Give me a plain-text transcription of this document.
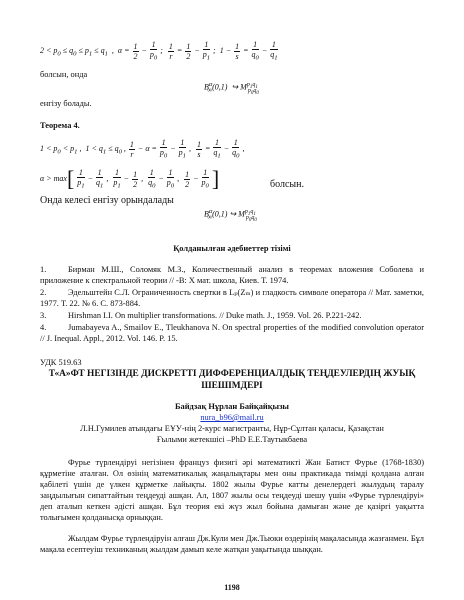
$2 < p_0 \le q_0 \le p_1 \le q_1$  ,  $\alpha = \frac{1}{2} - \frac{1}{p_0}$ ; $\frac{1}{r} = \frac{1}{2} - \frac{1}{p_1}$ ;  $1 - \frac{1}{s} = \frac{1}{q_0} - \frac{1}{q_1}$
болсын, онда
$B^\alpha_\infty(0,1)$  ↪ $M^{p_1q_1}_{p_0q_0}$
енгізу болады.
Теорема 4.
$1 < p_0 < p_1$ ,  $1 < q_1 \le q_0$ , $\frac{1}{r} - \alpha = \frac{1}{p_0} - \frac{1}{p_1}$ , $\frac{1}{s} = \frac{1}{q_1} - \frac{1}{q_0}$ ,
$\alpha > \max[ \frac{1}{p_1} - \frac{1}{q_1}$ , $\frac{1}{p_1} - \frac{1}{2}$ , $\frac{1}{q_0} - \frac{1}{p_0}$ , $\frac{1}{2} - \frac{1}{p_0}$ ]	болсын.
Онда келесі енгізу орындалады
$B^\alpha_\infty(0,1)$ ↪ $M^{p_1q_1}_{p_0q_0}$
Қолданылған әдебиеттер тізімі
1.	Бирман М.Ш., Соломяк М.З., Количественный анализ в теоремах вложения Соболева и приложение к спектральной теории // -В: Х мат. школа, Киев. Т. 1974.
2.	Эдельштейн С.Л. Ограниченность свертки в Lₚ(Zₘ) и гладкость символе оператора // Мат. заметки, 1977. Т. 22. № 6. С. 873-884.
3.	Hirshman I.I. On multiplier transformations. // Duke math. J., 1959. Vol. 26. P.221-242.
4.	Jumabayeva A., Smailov E., Tleukhanova N. On spectral properties of the modified convolution operator // J. Inequal. Appl., 2012. Vol. 146. P. 15.
УДК 519.63
Т«А»ФТ НЕГІЗІНДЕ ДИСКРЕТТІ ДИФФЕРЕНЦИАЛДЫҚ ТЕҢДЕУЛЕРДІҢ ЖУЫҚ ШЕШІМДЕРІ
Байдзақ Нұрлан Байқайқызы
nura_b96@mail.ru
Л.Н.Гумилев атындағы ЕҰУ-нің 2-курс магистранты, Нұр-Сұлтан қаласы, Қазақстан
Ғылыми жетекшісі –PhD Е.Е.Таутыкбаева
Фурье түрлендіруі негізінен француз физигі әрі математикті Жан Батист Фурье (1768-1830) құрметіне аталған. Ол өзінің математикалық жаңалықтары мен оны практикада тиімді қолдана алған қабілеті үшін де үлкен құрметке лайықты. 1802 жылы Фурье катты денелердегі жылудың таралу заңдылығын сипаттайтын теңдеуді ашқан. Ал, 1807 жылы осы теңдеуді шешу үшін «Фурье түрлендіруі» деп аталып кеткен әдісті ашқан. Бұл теория екі жүз жыл бойына дамыған және де қазіргі уақытта толығымен қолданысқа орныққан.
Жылдам Фурье түрлендіруін алғаш Дж.Кули мен Дж.Тьюки өздерінің мақаласында жазғанмен. Бұл мақала есептеуіш техниканың жылдам дамып келе жатқан уақытында шыққан.
1198
